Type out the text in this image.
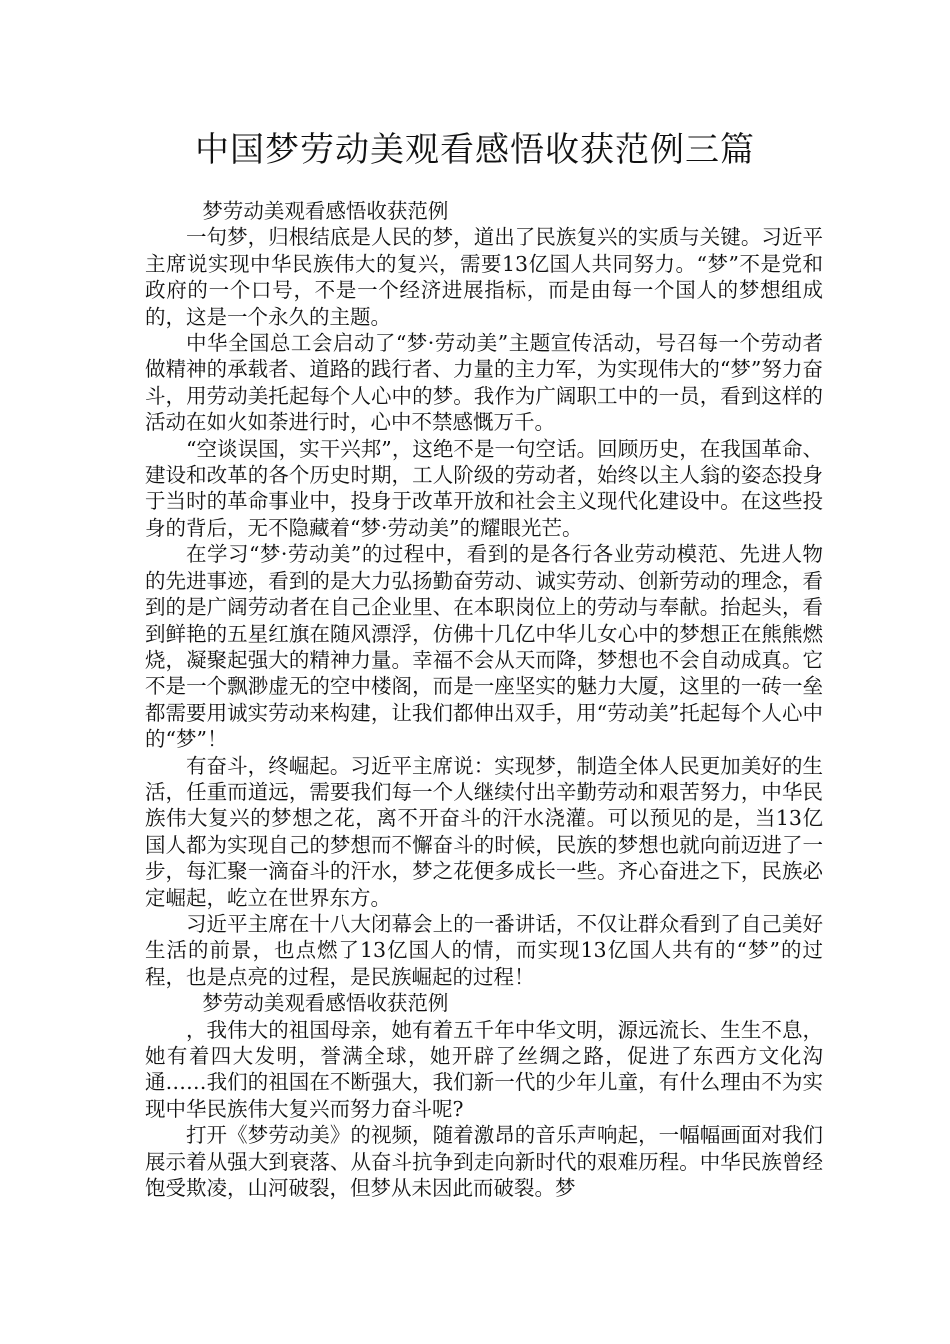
中国梦劳动美观看感悟收获范例三篇

梦劳动美观看感悟收获范例

一句梦，归根结底是人民的梦，道出了民族复兴的实质与关键。习近平主席说实现中华民族伟大的复兴，需要13亿国人共同努力。“梦”不是党和政府的一个口号，不是一个经济进展指标，而是由每一个国人的梦想组成的，这是一个永久的主题。

中华全国总工会启动了“梦·劳动美”主题宣传活动，号召每一个劳动者做精神的承载者、道路的践行者、力量的主力军，为实现伟大的“梦”努力奋斗，用劳动美托起每个人心中的梦。我作为广阔职工中的一员，看到这样的活动在如火如荼进行时，心中不禁感慨万千。

“空谈误国，实干兴邦”，这绝不是一句空话。回顾历史，在我国革命、建设和改革的各个历史时期，工人阶级的劳动者，始终以主人翁的姿态投身于当时的革命事业中，投身于改革开放和社会主义现代化建设中。在这些投身的背后，无不隐藏着“梦·劳动美”的耀眼光芒。

在学习“梦·劳动美”的过程中，看到的是各行各业劳动模范、先进人物的先进事迹，看到的是大力弘扬勤奋劳动、诚实劳动、创新劳动的理念，看到的是广阔劳动者在自己企业里、在本职岗位上的劳动与奉献。抬起头，看到鲜艳的五星红旗在随风漂浮，仿佛十几亿中华儿女心中的梦想正在熊熊燃烧，凝聚起强大的精神力量。幸福不会从天而降，梦想也不会自动成真。它不是一个飘渺虚无的空中楼阁，而是一座坚实的魅力大厦，这里的一砖一垒都需要用诚实劳动来构建，让我们都伸出双手，用“劳动美”托起每个人心中的“梦”！

有奋斗，终崛起。习近平主席说：实现梦，制造全体人民更加美好的生活，任重而道远，需要我们每一个人继续付出辛勤劳动和艰苦努力，中华民族伟大复兴的梦想之花，离不开奋斗的汗水浇灌。可以预见的是，当13亿国人都为实现自己的梦想而不懈奋斗的时候，民族的梦想也就向前迈进了一步，每汇聚一滴奋斗的汗水，梦之花便多成长一些。齐心奋进之下，民族必定崛起，屹立在世界东方。

习近平主席在十八大闭幕会上的一番讲话，不仅让群众看到了自己美好生活的前景，也点燃了13亿国人的情，而实现13亿国人共有的“梦”的过程，也是点亮的过程，是民族崛起的过程！

梦劳动美观看感悟收获范例

，我伟大的祖国母亲，她有着五千年中华文明，源远流长、生生不息，她有着四大发明，誉满全球，她开辟了丝绸之路，促进了东西方文化沟通……我们的祖国在不断强大，我们新一代的少年儿童，有什么理由不为实现中华民族伟大复兴而努力奋斗呢?

打开《梦劳动美》的视频，随着激昂的音乐声响起，一幅幅画面对我们展示着从强大到衰落、从奋斗抗争到走向新时代的艰难历程。中华民族曾经饱受欺凌，山河破裂，但梦从未因此而破裂。梦
